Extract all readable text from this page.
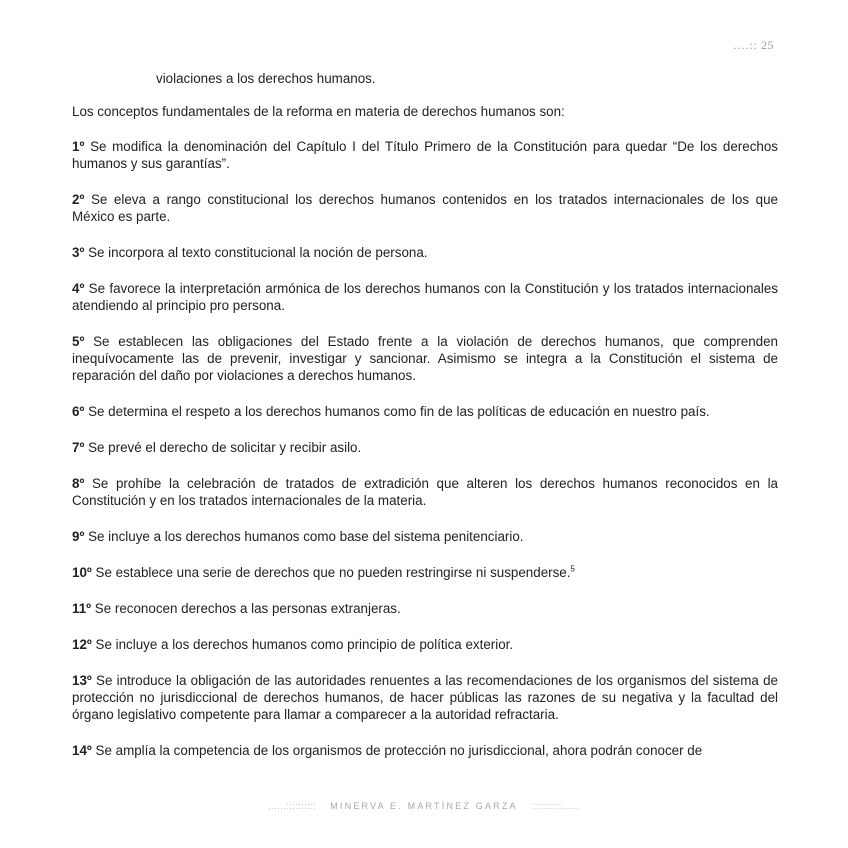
....:: 25

violaciones a los derechos humanos.

Los conceptos fundamentales de la reforma en materia de derechos humanos son:

1º Se modifica la denominación del Capítulo I del Título Primero de la Constitución para quedar “De los derechos humanos y sus garantías”.

2º Se eleva a rango constitucional los derechos humanos contenidos en los tratados internacionales de los que México es parte.

3º Se incorpora al texto constitucional la noción de persona.

4º Se favorece la interpretación armónica de los derechos humanos con la Constitución y los tratados internacionales atendiendo al principio pro persona.

5º Se establecen las obligaciones del Estado frente a la violación de derechos humanos, que comprenden inequívocamente las de prevenir, investigar y sancionar. Asimismo se integra a la Constitución el sistema de reparación del daño por violaciones a derechos humanos.

6º Se determina el respeto a los derechos humanos como fin de las políticas de educación en nuestro país.

7º Se prevé el derecho de solicitar y recibir asilo.

8º Se prohíbe la celebración de tratados de extradición que alteren los derechos humanos reconocidos en la Constitución y en los tratados internacionales de la materia.

9º Se incluye a los derechos humanos como base del sistema penitenciario.

10º Se establece una serie de derechos que no pueden restringirse ni suspenderse.$^5$

11º Se reconocen derechos a las personas extranjeras.

12º Se incluye a los derechos humanos como principio de política exterior.

13º Se introduce la obligación de las autoridades renuentes a las recomendaciones de los organismos del sistema de protección no jurisdiccional de derechos humanos, de hacer públicas las razones de su negativa y la facultad del órgano legislativo competente para llamar a comparecer a la autoridad refractaria.

14º Se amplía la competencia de los organismos de protección no jurisdiccional, ahora podrán conocer de

......:::::::::: MINERVA E. MARTÍNEZ GARZA ::::::::::......
